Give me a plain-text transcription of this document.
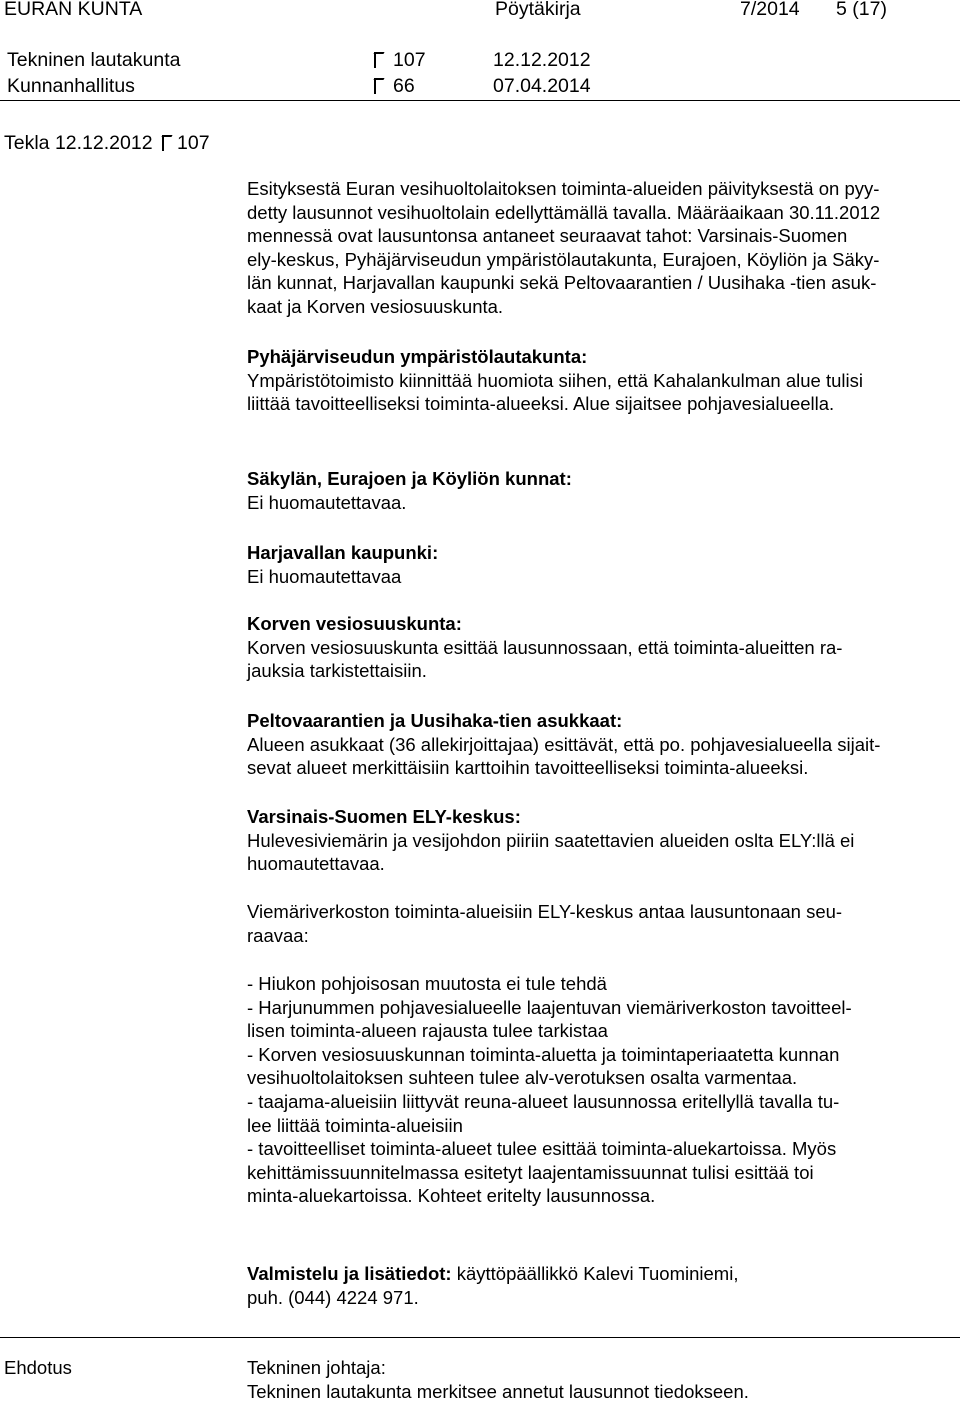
EURAN KUNTA	Pöytäkirja	7/2014 5 (17)
Tekninen lautakunta	107	12.12.2012
Kunnanhallitus	66	07.04.2014
Tekla 12.12.2012 107
Esityksestä Euran vesihuoltolaitoksen toiminta-alueiden päivityksestä on pyy-
detty lausunnot vesihuoltolain edellyttämällä tavalla. Määräaikaan 30.11.2012
mennessä ovat lausuntonsa antaneet seuraavat tahot: Varsinais-Suomen
ely-keskus, Pyhäjärviseudun ympäristölautakunta, Eurajoen, Köyliön ja Säky-
län kunnat, Harjavallan kaupunki sekä Peltovaarantien / Uusihaka -tien asuk-
kaat ja Korven vesiosuuskunta.
Pyhäjärviseudun ympäristölautakunta:
Ympäristötoimisto kiinnittää huomiota siihen, että Kahalankulman alue tulisi
liittää tavoitteelliseksi toiminta-alueeksi. Alue sijaitsee pohjavesialueella.
Säkylän, Eurajoen ja Köyliön kunnat:
Ei huomautettavaa.
Harjavallan kaupunki:
Ei huomautettavaa
Korven vesiosuuskunta:
Korven vesiosuuskunta esittää lausunnossaan, että toiminta-alueitten ra-
jauksia tarkistettaisiin.
Peltovaarantien ja Uusihaka-tien asukkaat:
Alueen asukkaat (36 allekirjoittajaa) esittävät, että po. pohjavesialueella sijait-
sevat alueet merkittäisiin karttoihin tavoitteelliseksi toiminta-alueeksi.
Varsinais-Suomen ELY-keskus:
Hulevesiviemärin ja vesijohdon piiriin saatettavien alueiden oslta ELY:llä ei
huomautettavaa.
Viemäriverkoston toiminta-alueisiin ELY-keskus antaa lausuntonaan seu-
raavaa:
- Hiukon pohjoisosan muutosta ei tule tehdä
- Harjunummen pohjavesialueelle laajentuvan viemäriverkoston tavoitteel-
lisen toiminta-alueen rajausta tulee tarkistaa
- Korven vesiosuuskunnan toiminta-aluetta ja toimintaperiaatetta kunnan
vesihuoltolaitoksen suhteen tulee alv-verotuksen osalta varmentaa.
- taajama-alueisiin liittyvät reuna-alueet lausunnossa eritellyllä tavalla tu-
lee liittää toiminta-alueisiin
- tavoitteelliset toiminta-alueet tulee esittää toiminta-aluekartoissa. Myös
kehittämissuunnitelmassa esitetyt laajentamissuunnat tulisi esittää toi
minta-aluekartoissa. Kohteet eritelty lausunnossa.
Valmistelu ja lisätiedot: käyttöpäällikkö Kalevi Tuominiemi,
puh. (044) 4224 971.
Ehdotus	Tekninen johtaja:
Tekninen lautakunta merkitsee annetut lausunnot tiedokseen.
